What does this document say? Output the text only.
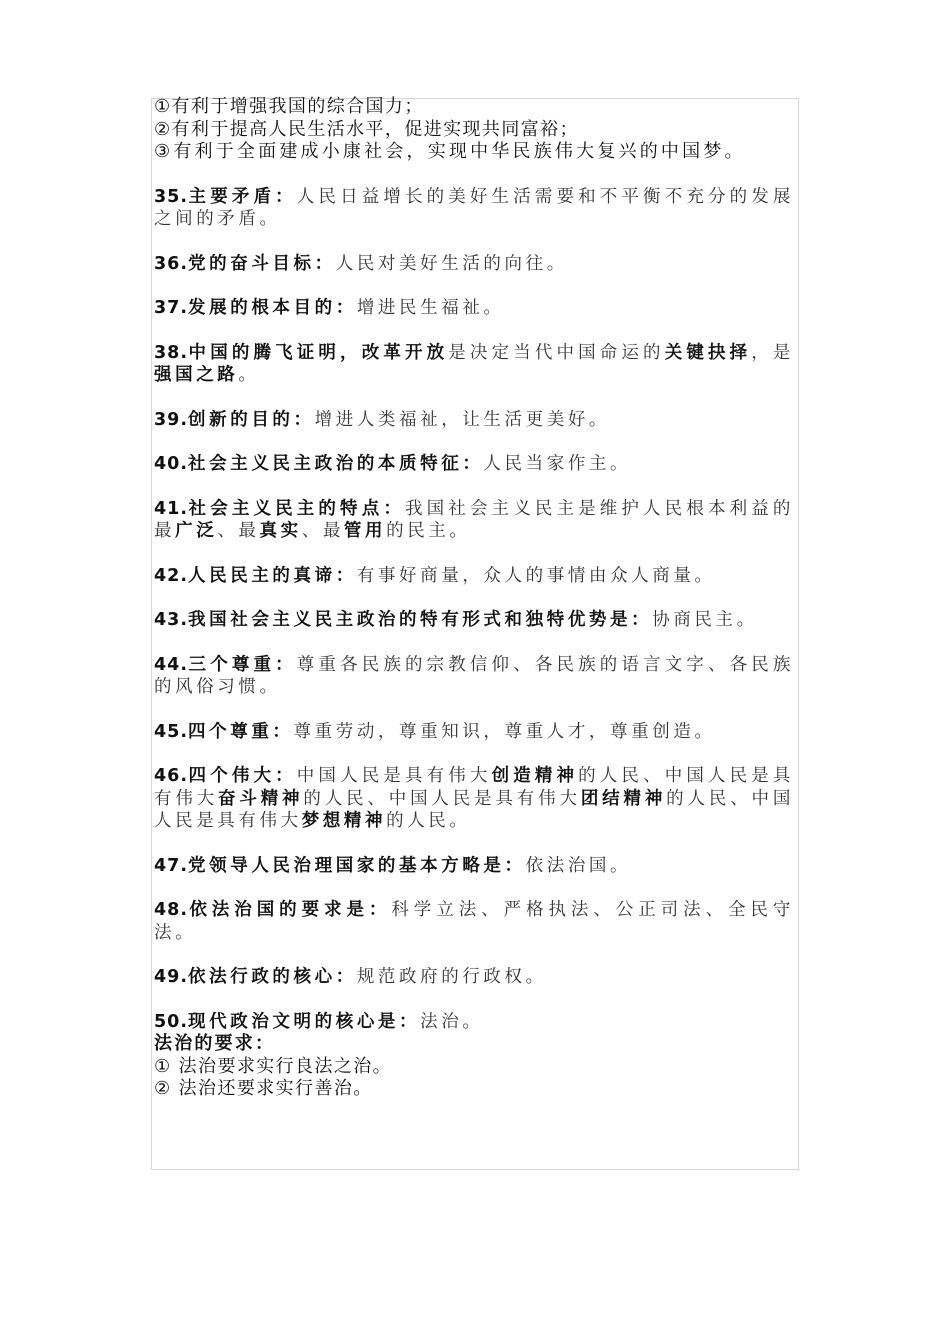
①有利于增强我国的综合国力；
②有利于提高人民生活水平，促进实现共同富裕；
③有利于全面建成小康社会，实现中华民族伟大复兴的中国梦。
35.主要矛盾：人民日益增长的美好生活需要和不平衡不充分的发展之间的矛盾。
36.党的奋斗目标：人民对美好生活的向往。
37.发展的根本目的：增进民生福祉。
38.中国的腾飞证明，改革开放是决定当代中国命运的关键抉择，是强国之路。
39.创新的目的：增进人类福祉，让生活更美好。
40.社会主义民主政治的本质特征：人民当家作主。
41.社会主义民主的特点：我国社会主义民主是维护人民根本利益的最广泛、最真实、最管用的民主。
42.人民民主的真谛：有事好商量，众人的事情由众人商量。
43.我国社会主义民主政治的特有形式和独特优势是：协商民主。
44.三个尊重：尊重各民族的宗教信仰、各民族的语言文字、各民族的风俗习惯。
45.四个尊重：尊重劳动，尊重知识，尊重人才，尊重创造。
46.四个伟大：中国人民是具有伟大创造精神的人民、中国人民是具有伟大奋斗精神的人民、中国人民是具有伟大团结精神的人民、中国人民是具有伟大梦想精神的人民。
47.党领导人民治理国家的基本方略是：依法治国。
48.依法治国的要求是：科学立法、严格执法、公正司法、全民守法。
49.依法行政的核心：规范政府的行政权。
50.现代政治文明的核心是：法治。
法治的要求：
① 法治要求实行良法之治。
② 法治还要求实行善治。
